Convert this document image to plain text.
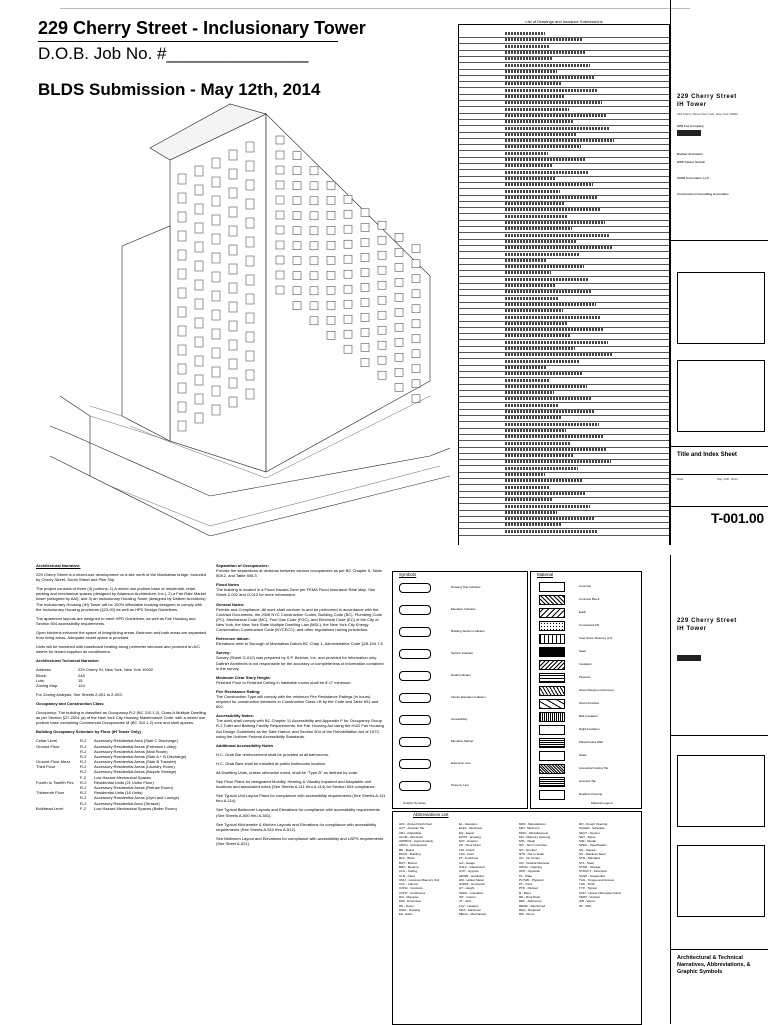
229 Cherry Street - Inclusionary Tower
D.O.B. Job No. #_______________
BLDS Submission - May 12th, 2014
List of Drawings and Issuance Submissions
229 Cherry Street
IH Tower
229 Cherry Street New York, New York 10002
HPD Fee Company
Dattner Architects
WSP Cantor Seinuk
COWI Associates, LLC
Construction Consulting Associates
Title and Index Sheet
Date	May 12th, 2014
T-001.00

Architectural Narrative:

229 Cherry Street is a mixed-use development on a site north of the Manhattan bridge, bounded by Cherry Street, South Street and Pike Slip.

The project consists of three (3) portions; 1) A mixed use podium base of residential, retail, parking and mechanical spaces (designed by Adamson Architecture, Inc.), 2) a Fair Rate Market tower (designed by AAI), and 3) an Inclusionary Housing Tower (designed by Dattner Architects). The Inclusionary Housing (IH) Tower will be 100% affordable housing designed to comply with the Inclusionary Housing provisions (§23-90) as well as HPD Design Guidelines.

The apartment layouts are designed to meet HPD Guidelines, as well as Fair Housing and Section 504 accessibility requirements.

Open kitchens enhance the space of living/dining areas. Bedroom and bath areas are separated from living areas. Adequate closet space is provided.

Units will be furnished with baseboard heating along perimeter windows and provided an A/C sleeve for tenant supplied air conditioners.

Architectural Technical Narrative:

Address:	229 Cherry St, New York, New York 10002
Block:	248
Lots:	15
Zoning Map:	12d

For Zoning Analysis, See Sheets Z-001 to Z-003.

Occupancy and Construction Class

Occupancy: The building is classified as Occupancy R-2 (BC 310.1.2), Class A Multiple Dwelling as per Section §27-2004 (a) of the New York City Housing Maintenance Code, with a mixed use podium base containing Commercial Occupancies M (BC 310.1.2) core and shell spaces.

Building Occupancy Schedule by Floor (IH Tower Only)

Cellar Level	R-2 Accessory Residential Area (Stair C Discharge)
Ground Floor	R-2 Accessory Residential Areas (Entrance Lobby)
R-2 Accessory Residential Areas (Mail Room)
R-2 Accessory Residential Areas (Stair A + B Discharge)
Ground Floor Mezz. R-2 Accessory Residential Areas (Stair B Transfer)
Third Floor	R-2 Accessory Residential Areas (Laundry Room)
R-2 Accessory Residential Areas (Bicycle Storage)
F-2 Low Hazard Mechanical Spaces
Fourth to Twelfth Flrs R-2 Residential Units (21 Units/ Floor)
R-2 Accessory Residential Areas (Refuse Room)
Thirteenth Floor	R-2 Residential Units (16 Units)
R-2 Accessory Residential Areas (Gym and Lounge)
R-2 Accessory Residential Area (Terrace)
Bulkhead Level	F-2 Low Hazard Mechanical Spaces (Boiler Room)

Separation of Occupancies:
Provide fire separations at divisions between various occupancies as per BC Chapter 5, Table 508.2, and Table 508.3.

Flood Notes
The building is located in a Flood Hazard Zone per FEMA Flood Insurance Rate Map. See Sheet Z-002 and G-012 for more information.

General Notes:
Permits and Compliance: All work shall conform to and be performed in accordance with the Contract Documents, the 2008 NYC Construction Codes, Building Code (BC), Plumbing Code (PC), Mechanical Code (MC), Fuel Gas Code (FGC), and Electrical Code (EC) of the City of New York; the New York State Multiple Dwelling Law (MDL); the New York City Energy Conservation Construction Code (NYCECC); and other regulations having jurisdiction.

Reference datum:
Elevations refer to Borough of Manhattan Datum BC Chap 1, Administrative Code §28-104.7.6

Survey:
Survey (Sheet G-012) was prepared by S.P. Belcher, Inc. and provided for information only. Dattner Architects is not responsible for the accuracy or completeness of information contained in the survey.

Minimum Clear Story Height:
Finished Floor to Finished Ceiling in habitable rooms shall be 8'-0" minimum.

Fire Resistance Rating:
The Construction Type will comply with the minimum Fire Resistance Ratings (in hours) required for construction elements in Construction Class I-B by the Code and Table 601 and 602.

Accessibility Notes:
The work shall comply with BC Chapter 11 Accessibility and Appendix P for Occupancy Group R-2 Toilet and Bathing Facility Requirements, the Fair Housing Act using the HUD Fair Housing Act Design Guidelines as the Safe Harbor, and Section 504 of the Rehabilitation Act of 1973, using the Uniform Federal Accessibility Standards.

Additional Accessibility Notes

H.C. Grab Bar reinforcement shall be provided at all bathrooms.

H.C. Grab Bars shall be installed at public bathrooms location.

All Dwelling Units, unless otherwise noted, shall be "Type B" as defined by code.

See Floor Plans for designated Mobility, Hearing & Visually Impaired and Adaptable unit locations and associated notes (See Sheets A-111 thru A-114) for Section 504 compliance.

See Typical Unit Layout Plans for compliance with accessibility requirements (See Sheets A-111 thru A-114).

See Typical Bathroom Layouts and Elevations for compliance with accessibility requirements (See Sheets A-500 thru A-501).

See Typical Kitchenette & Kitchen Layouts and Elevations for compliance with accessibility requirements (See Sheets A-510 thru A-512).

See Mailroom Layout and Elevations for compliance with accessibility and USPS requirements (See Sheet A-521).

Symbols
Drawing Title Indicator
Elevation Indicator
Building Section Indicator
Section Indicator
Detail Indicator
Interior Elevation Indicator
Accessibility
Elevation Marker
Extension Line
Property Line
Graphic Symbols
Material
Concrete
Concrete Block
Earth
Compacted Fill
Cast Stone Masonry Unit
Steel
Insulation
Plywood
Wood Rough (continuous)
Wood Finished
Batt Insulation
Rigid Insulation
Plasterboard Wall
Glass
Acoustical Ceiling Tile
Acoustic Tile
Resilient Flooring
Material Legend
Abbreviations List
AFF - Above Finish Floor
ACT - Acoustic Tile
ADJ - Adjustable
ALUM - Aluminum
APPROX - Approximately
ARCH - Architectural
BD - Board
BLDG - Building
BLK - Block
BOT - Bottom
BRG - Bearing
CLG - Ceiling
CLR - Clear
CMU - Concrete Masonry Unit
COL - Column
CONC - Concrete
CONT - Continuous
DIA - Diameter
DIM - Dimension
DN - Down
DWG - Drawing
EA - Each
EL - Elevation
ELEC - Electrical
EQ - Equal
EXIST - Existing
EXT - Exterior
FD - Floor Drain
FIN - Finish
FLR - Floor
FT - Foot/Feet
GA - Gauge
GALV - Galvanized
GYP - Gypsum
HDWR - Hardware
HM - Hollow Metal
HORIZ - Horizontal
HT - Height
INSUL - Insulation
INT - Interior
JT - Joint
LAV - Lavatory
MAX - Maximum
MECH - Mechanical
MFR - Manufacturer
MIN - Minimum
MISC - Miscellaneous
MO - Masonry Opening
MTL - Metal
NIC - Not in Contract
NO - Number
NTS - Not to Scale
OC - On Center
OD - Outside Diameter
OPNG - Opening
OPP - Opposite
PL - Plate
PLYWD - Plywood
PT - Paint
PTD - Painted
R - Riser
RD - Roof Drain
REF - Reference
REINF - Reinforced
REQ - Required
RM - Room
RO - Rough Opening
SCHED - Schedule
SECT - Section
SHT - Sheet
SIM - Similar
SPEC - Specification
SQ - Square
SS - Stainless Steel
STD - Standard
STL - Steel
STOR - Storage
STRUCT - Structural
SUSP - Suspended
T&G - Tongue and Groove
THK - Thick
TYP - Typical
UON - Unless Otherwise Noted
VERT - Vertical
WD - Wood
W/ - With
229 Cherry Street
IH Tower
Architectural & Technical Narratives, Abbreviations, & Graphic Symbols
